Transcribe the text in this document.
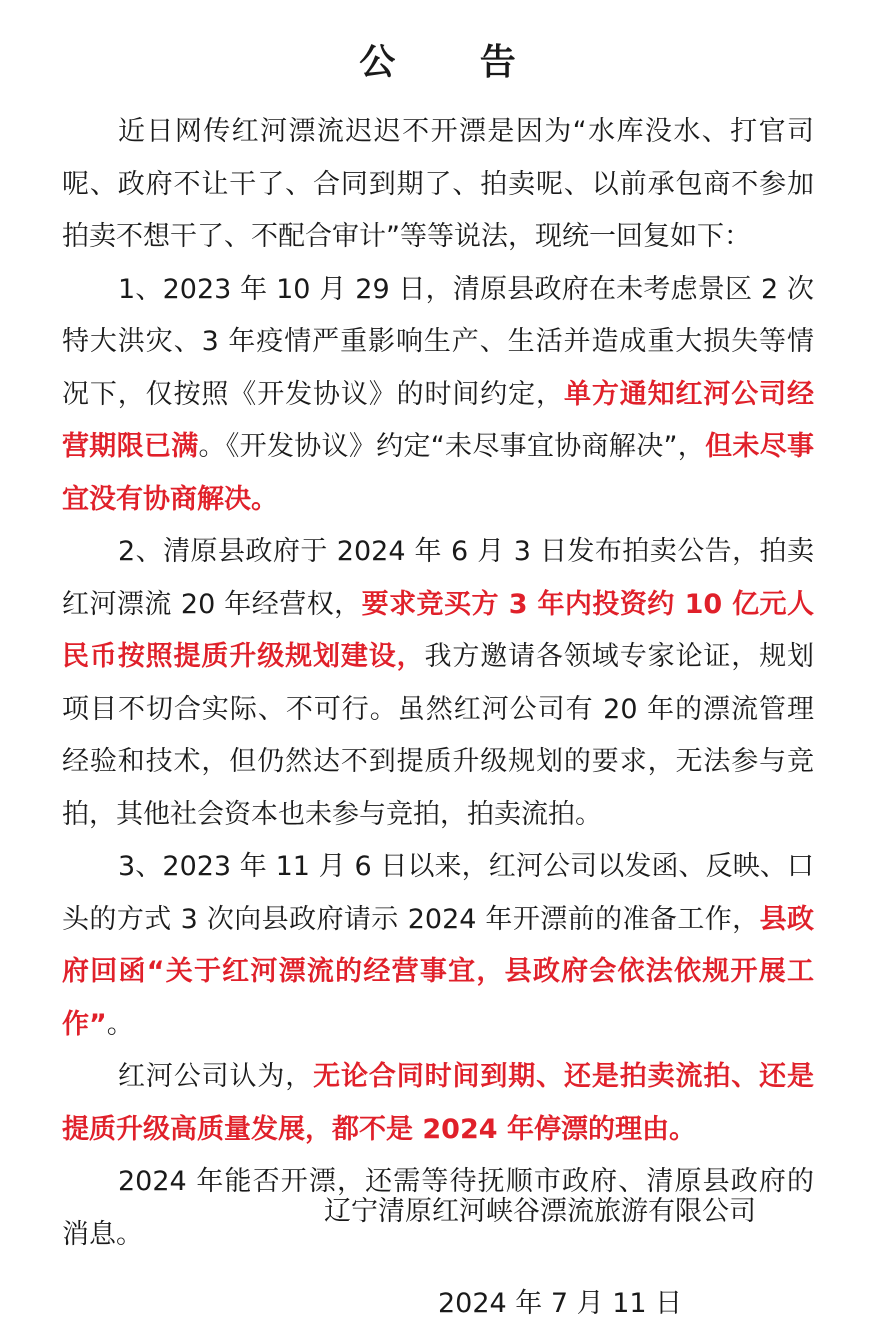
公 告

近日网传红河漂流迟迟不开漂是因为“水库没水、打官司呢、政府不让干了、合同到期了、拍卖呢、以前承包商不参加拍卖不想干了、不配合审计”等等说法，现统一回复如下：

1、2023 年 10 月 29 日，清原县政府在未考虑景区 2 次特大洪灾、3 年疫情严重影响生产、生活并造成重大损失等情况下，仅按照《开发协议》的时间约定，单方通知红河公司经营期限已满。《开发协议》约定“未尽事宜协商解决”，但未尽事宜没有协商解决。

2、清原县政府于 2024 年 6 月 3 日发布拍卖公告，拍卖红河漂流 20 年经营权，要求竞买方 3 年内投资约 10 亿元人民币按照提质升级规划建设，我方邀请各领域专家论证，规划项目不切合实际、不可行。虽然红河公司有 20 年的漂流管理经验和技术，但仍然达不到提质升级规划的要求，无法参与竞拍，其他社会资本也未参与竞拍，拍卖流拍。

3、2023 年 11 月 6 日以来，红河公司以发函、反映、口头的方式 3 次向县政府请示 2024 年开漂前的准备工作，县政府回函“关于红河漂流的经营事宜，县政府会依法依规开展工作”。

红河公司认为，无论合同时间到期、还是拍卖流拍、还是提质升级高质量发展，都不是 2024 年停漂的理由。

2024 年能否开漂，还需等待抚顺市政府、清原县政府的消息。

辽宁清原红河峡谷漂流旅游有限公司
2024 年 7 月 11 日
